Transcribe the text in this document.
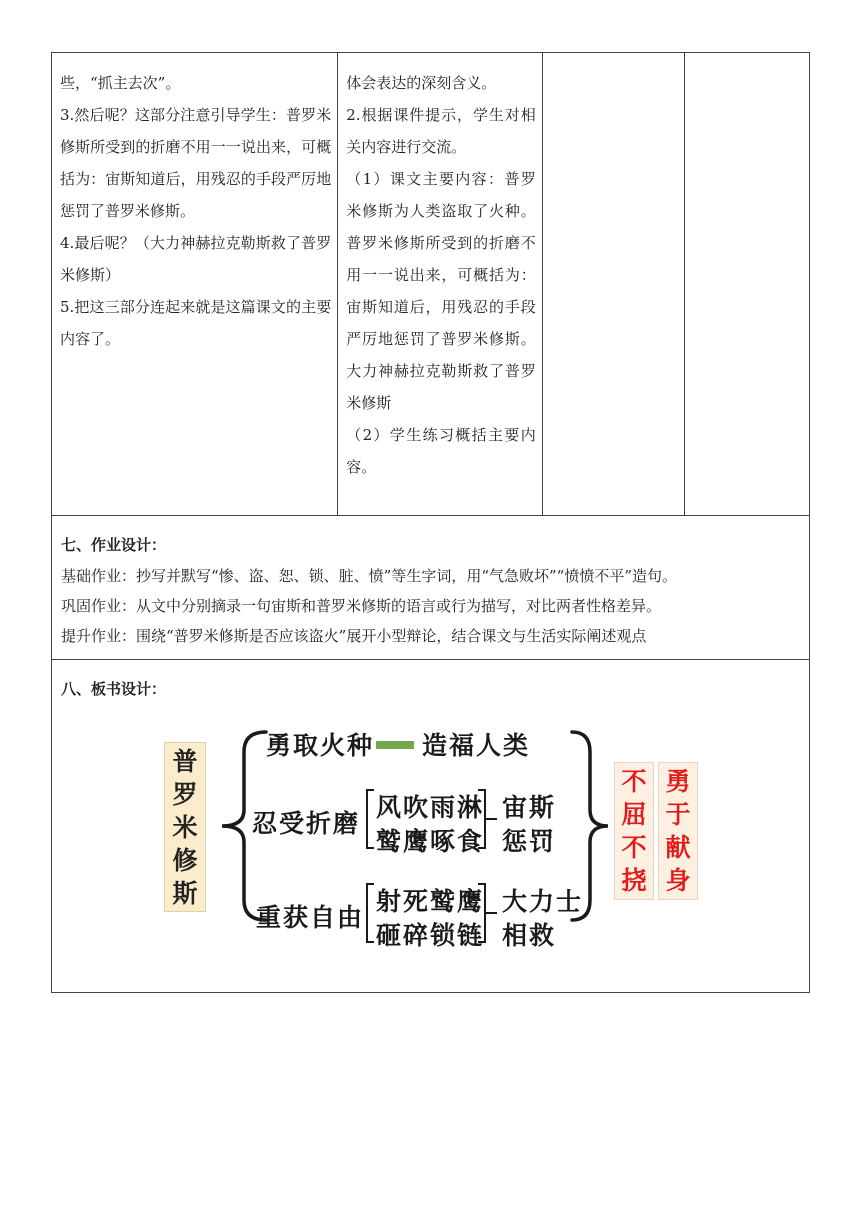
些，“抓主去次”。

3.然后呢？这部分注意引导学生：普罗米修斯所受到的折磨不用一一说出来，可概括为：宙斯知道后，用残忍的手段严厉地惩罚了普罗米修斯。

4.最后呢？（大力神赫拉克勒斯救了普罗米修斯）

5.把这三部分连起来就是这篇课文的主要内容了。

体会表达的深刻含义。

2.根据课件提示，学生对相关内容进行交流。

（1）课文主要内容：普罗米修斯为人类盗取了火种。普罗米修斯所受到的折磨不用一一说出来，可概括为：宙斯知道后，用残忍的手段严厉地惩罚了普罗米修斯。大力神赫拉克勒斯救了普罗米修斯

（2）学生练习概括主要内容。

七、作业设计：

基础作业：抄写并默写“惨、盗、恕、锁、脏、愤”等生字词，用“气急败坏”“愤愤不平”造句。

巩固作业：从文中分别摘录一句宙斯和普罗米修斯的语言或行为描写，对比两者性格差异。

提升作业：围绕“普罗米修斯是否应该盗火”展开小型辩论，结合课文与生活实际阐述观点

八、板书设计：

普
罗
米
修
斯
勇取火种 造福人类
忍受折磨
风吹雨淋
鹫鹰啄食
宙斯
惩罚
重获自由
射死鹫鹰
砸碎锁链
大力士
相救
不
屈
不
挠
勇
于
献
身
